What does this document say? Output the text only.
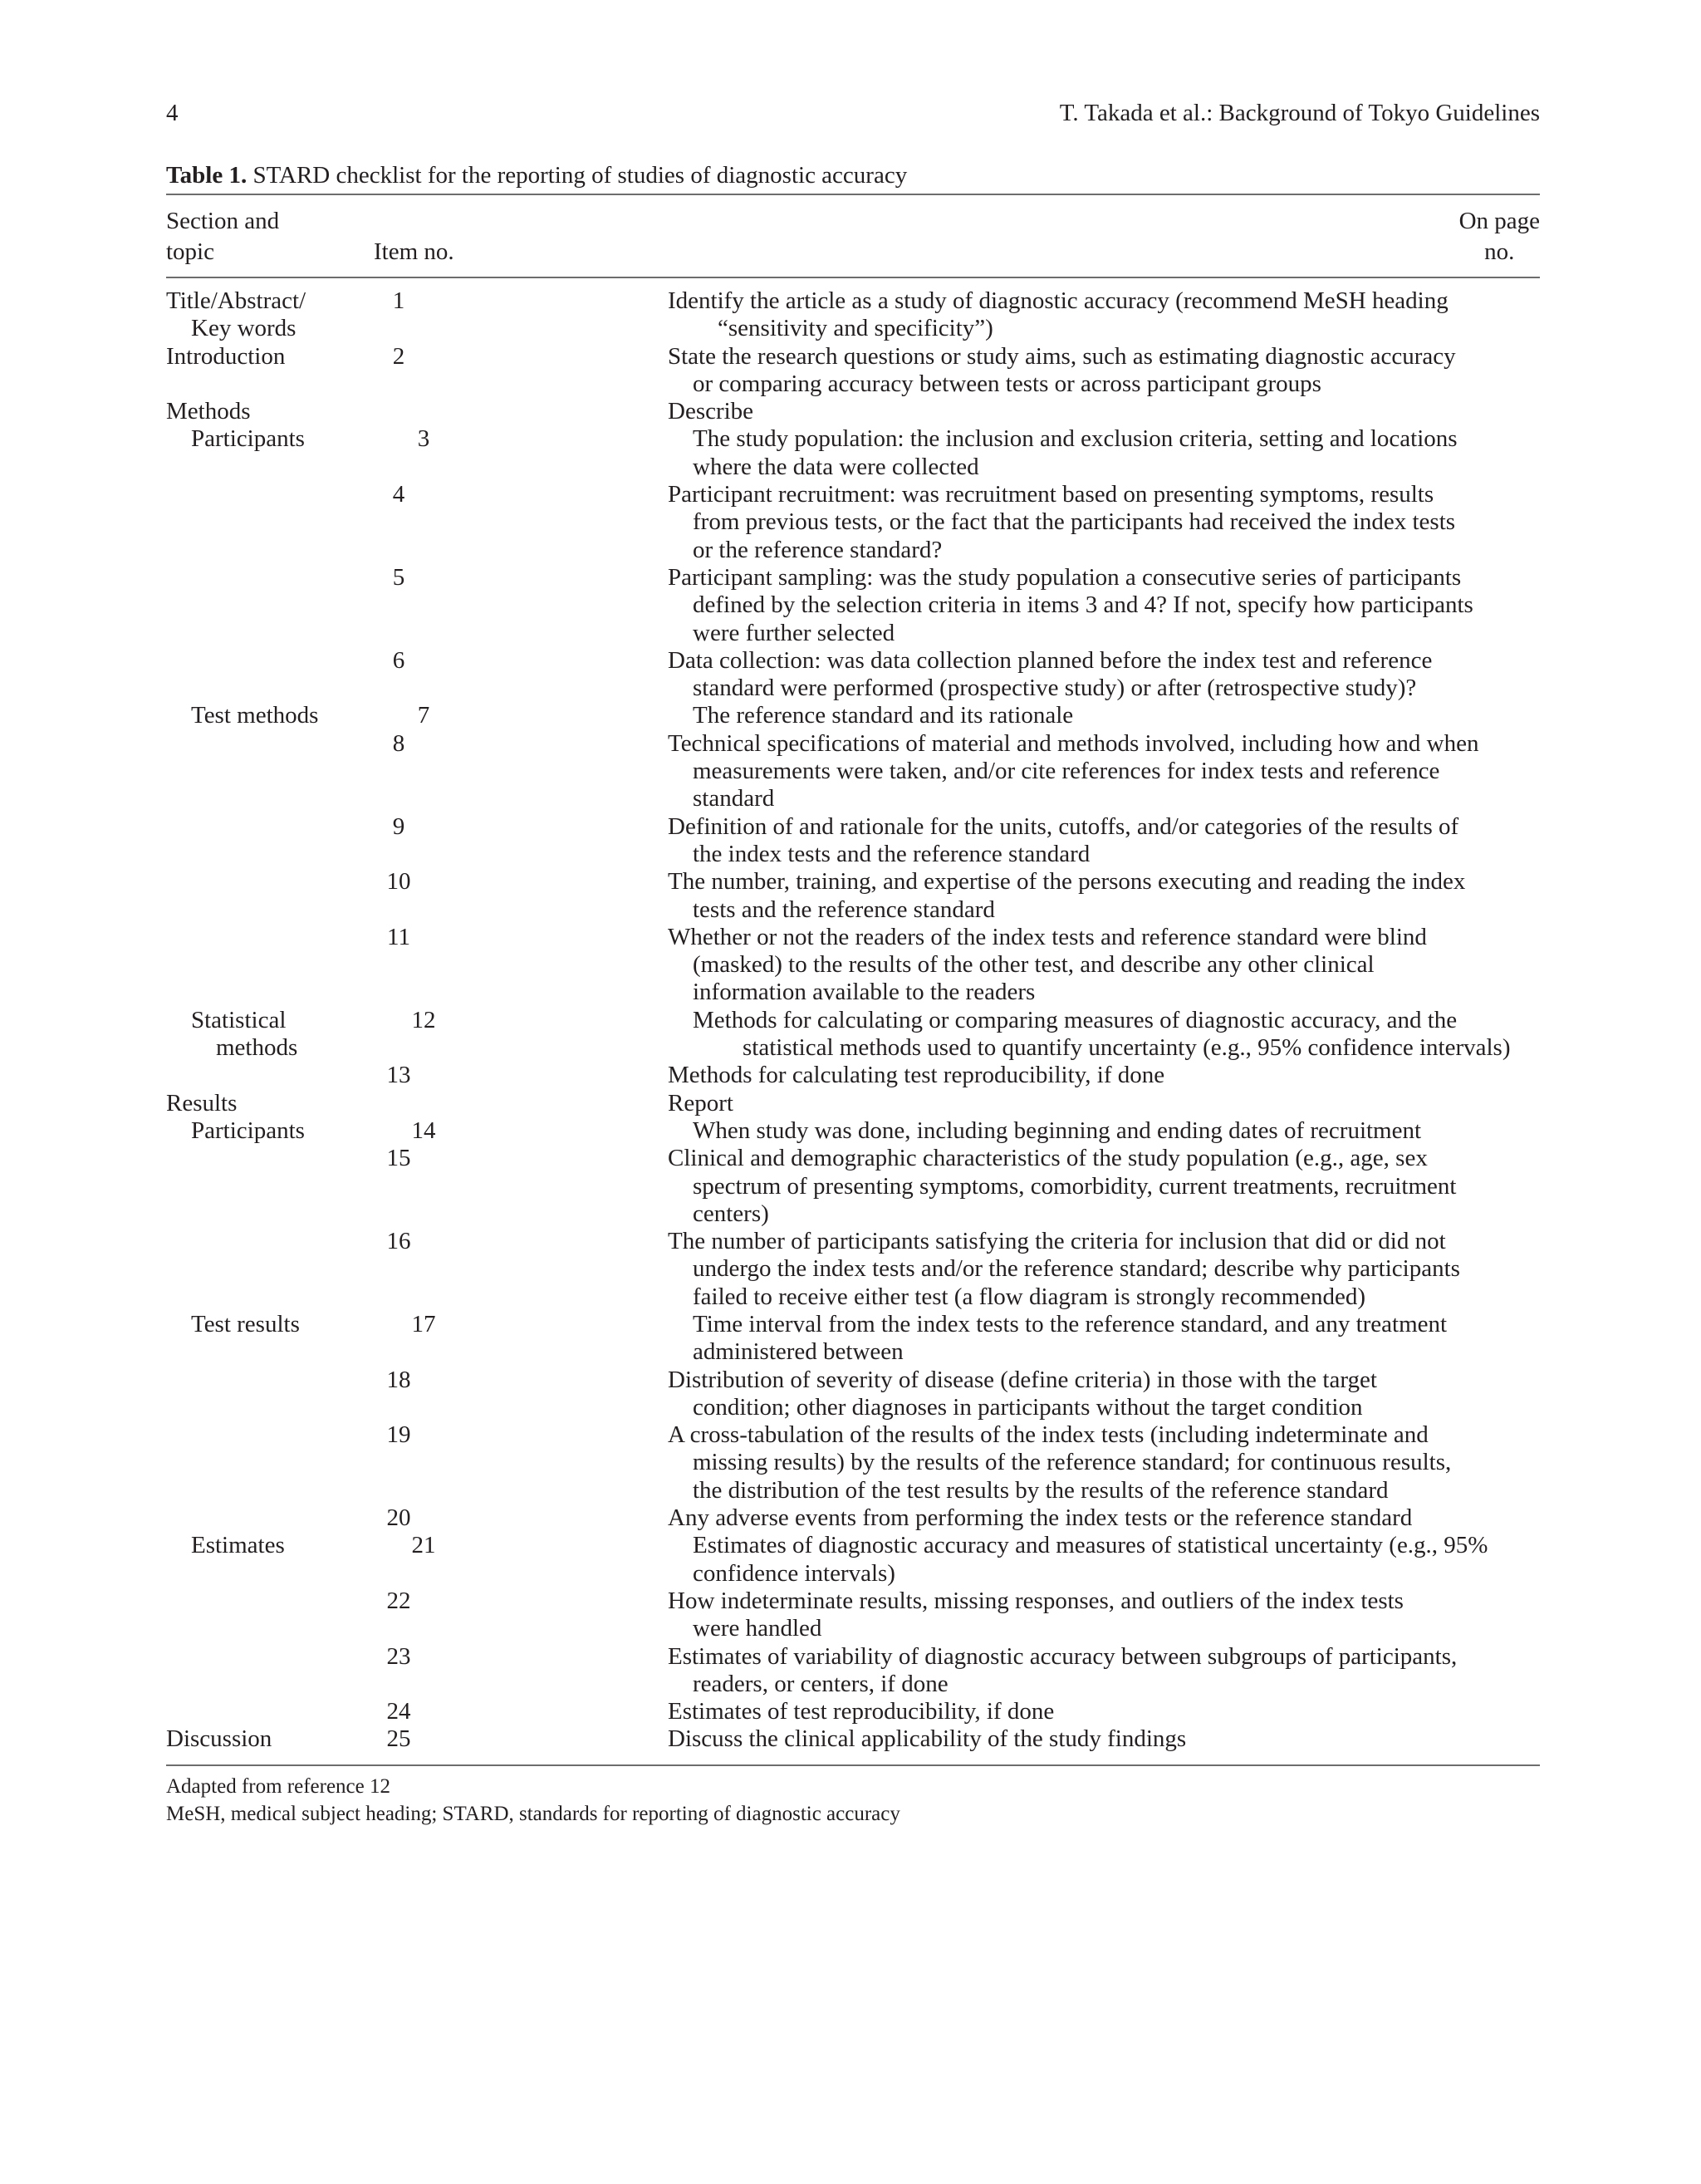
4	T. Takada et al.: Background of Tokyo Guidelines
Table 1. STARD checklist for the reporting of studies of diagnostic accuracy
Section and
topic
	Item no.
On page
no.
Title/Abstract/	1	Identify the article as a study of diagnostic accuracy (recommend MeSH heading
Key words	“sensitivity and specificity”)
Introduction	2	State the research questions or study aims, such as estimating diagnostic accuracy
or comparing accuracy between tests or across participant groups
Methods	Describe
Participants	3	The study population: the inclusion and exclusion criteria, setting and locations
where the data were collected
4	Participant recruitment: was recruitment based on presenting symptoms, results
from previous tests, or the fact that the participants had received the index tests
or the reference standard?
5	Participant sampling: was the study population a consecutive series of participants
defined by the selection criteria in items 3 and 4? If not, specify how participants
were further selected
6	Data collection: was data collection planned before the index test and reference
standard were performed (prospective study) or after (retrospective study)?
Test methods	7	The reference standard and its rationale
8	Technical specifications of material and methods involved, including how and when
measurements were taken, and/or cite references for index tests and reference
standard
9	Definition of and rationale for the units, cutoffs, and/or categories of the results of
the index tests and the reference standard
10	The number, training, and expertise of the persons executing and reading the index
tests and the reference standard
11	Whether or not the readers of the index tests and reference standard were blind
(masked) to the results of the other test, and describe any other clinical
information available to the readers
Statistical	12	Methods for calculating or comparing measures of diagnostic accuracy, and the
methods	statistical methods used to quantify uncertainty (e.g., 95% confidence intervals)
13	Methods for calculating test reproducibility, if done
Results	Report
Participants	14	When study was done, including beginning and ending dates of recruitment
15	Clinical and demographic characteristics of the study population (e.g., age, sex
spectrum of presenting symptoms, comorbidity, current treatments, recruitment
centers)
16	The number of participants satisfying the criteria for inclusion that did or did not
undergo the index tests and/or the reference standard; describe why participants
failed to receive either test (a flow diagram is strongly recommended)
Test results	17	Time interval from the index tests to the reference standard, and any treatment
administered between
18	Distribution of severity of disease (define criteria) in those with the target
condition; other diagnoses in participants without the target condition
19	A cross-tabulation of the results of the index tests (including indeterminate and
missing results) by the results of the reference standard; for continuous results,
the distribution of the test results by the results of the reference standard
20	Any adverse events from performing the index tests or the reference standard
Estimates	21	Estimates of diagnostic accuracy and measures of statistical uncertainty (e.g., 95%
confidence intervals)
22	How indeterminate results, missing responses, and outliers of the index tests
were handled
23	Estimates of variability of diagnostic accuracy between subgroups of participants,
readers, or centers, if done
24	Estimates of test reproducibility, if done
Discussion	25	Discuss the clinical applicability of the study findings
Adapted from reference 12
MeSH, medical subject heading; STARD, standards for reporting of diagnostic accuracy
